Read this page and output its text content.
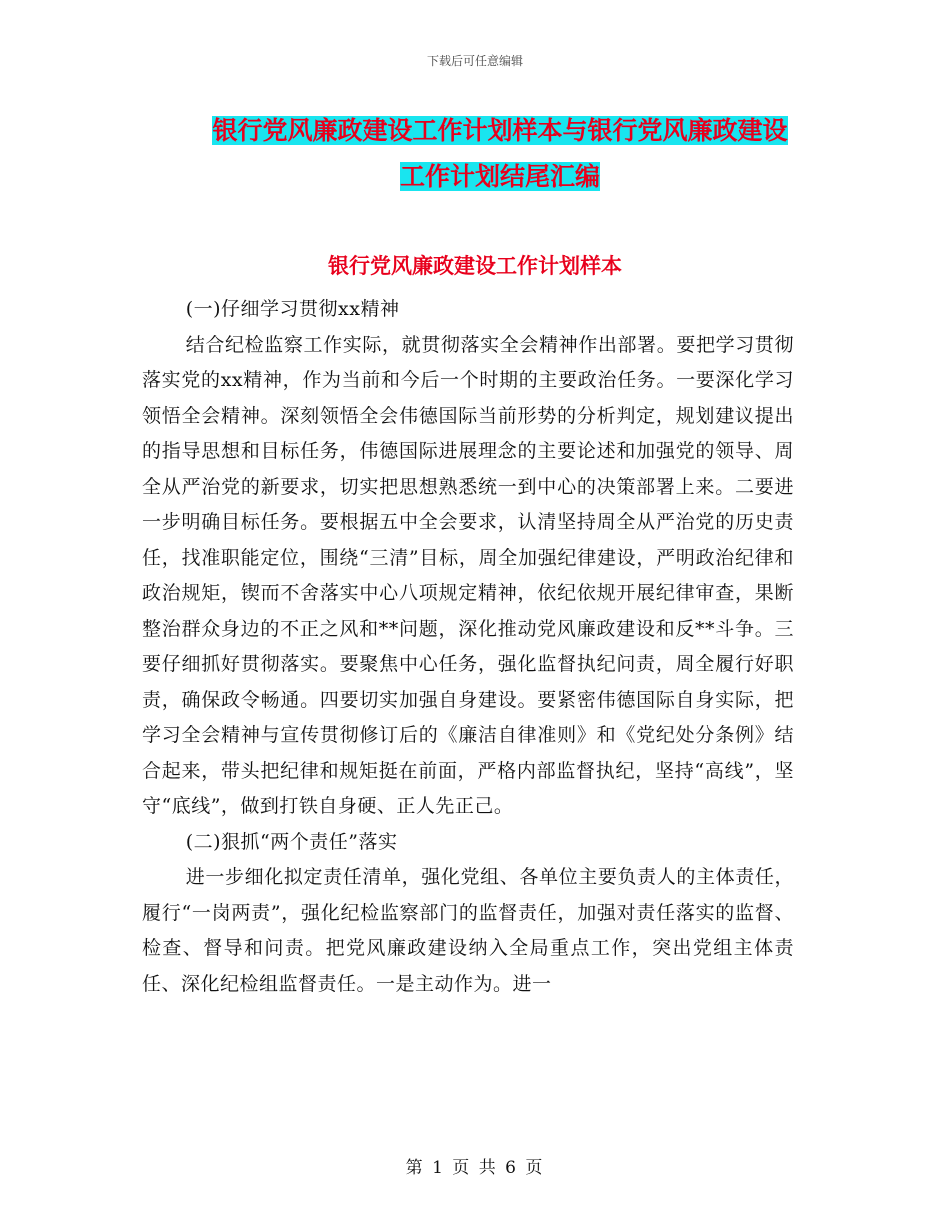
下载后可任意编辑
银行党风廉政建设工作计划样本与银行党风廉政建设
工作计划结尾汇编
银行党风廉政建设工作计划样本

(一)仔细学习贯彻xx精神

结合纪检监察工作实际，就贯彻落实全会精神作出部署。要把学习贯彻落实党的xx精神，作为当前和今后一个时期的主要政治任务。一要深化学习领悟全会精神。深刻领悟全会伟德国际当前形势的分析判定，规划建议提出的指导思想和目标任务，伟德国际进展理念的主要论述和加强党的领导、周全从严治党的新要求，切实把思想熟悉统一到中心的决策部署上来。二要进一步明确目标任务。要根据五中全会要求，认清坚持周全从严治党的历史责任，找准职能定位，围绕“三清”目标，周全加强纪律建设，严明政治纪律和政治规矩，锲而不舍落实中心八项规定精神，依纪依规开展纪律审查，果断整治群众身边的不正之风和**问题，深化推动党风廉政建设和反**斗争。三要仔细抓好贯彻落实。要聚焦中心任务，强化监督执纪问责，周全履行好职责，确保政令畅通。四要切实加强自身建设。要紧密伟德国际自身实际，把学习全会精神与宣传贯彻修订后的《廉洁自律准则》和《党纪处分条例》结合起来，带头把纪律和规矩挺在前面，严格内部监督执纪，坚持“高线”，坚守“底线”，做到打铁自身硬、正人先正己。

(二)狠抓“两个责任”落实

进一步细化拟定责任清单，强化党组、各单位主要负责人的主体责任，履行“一岗两责”，强化纪检监察部门的监督责任，加强对责任落实的监督、检查、督导和问责。把党风廉政建设纳入全局重点工作，突出党组主体责任、深化纪检组监督责任。一是主动作为。进一

第 1 页 共 6 页
